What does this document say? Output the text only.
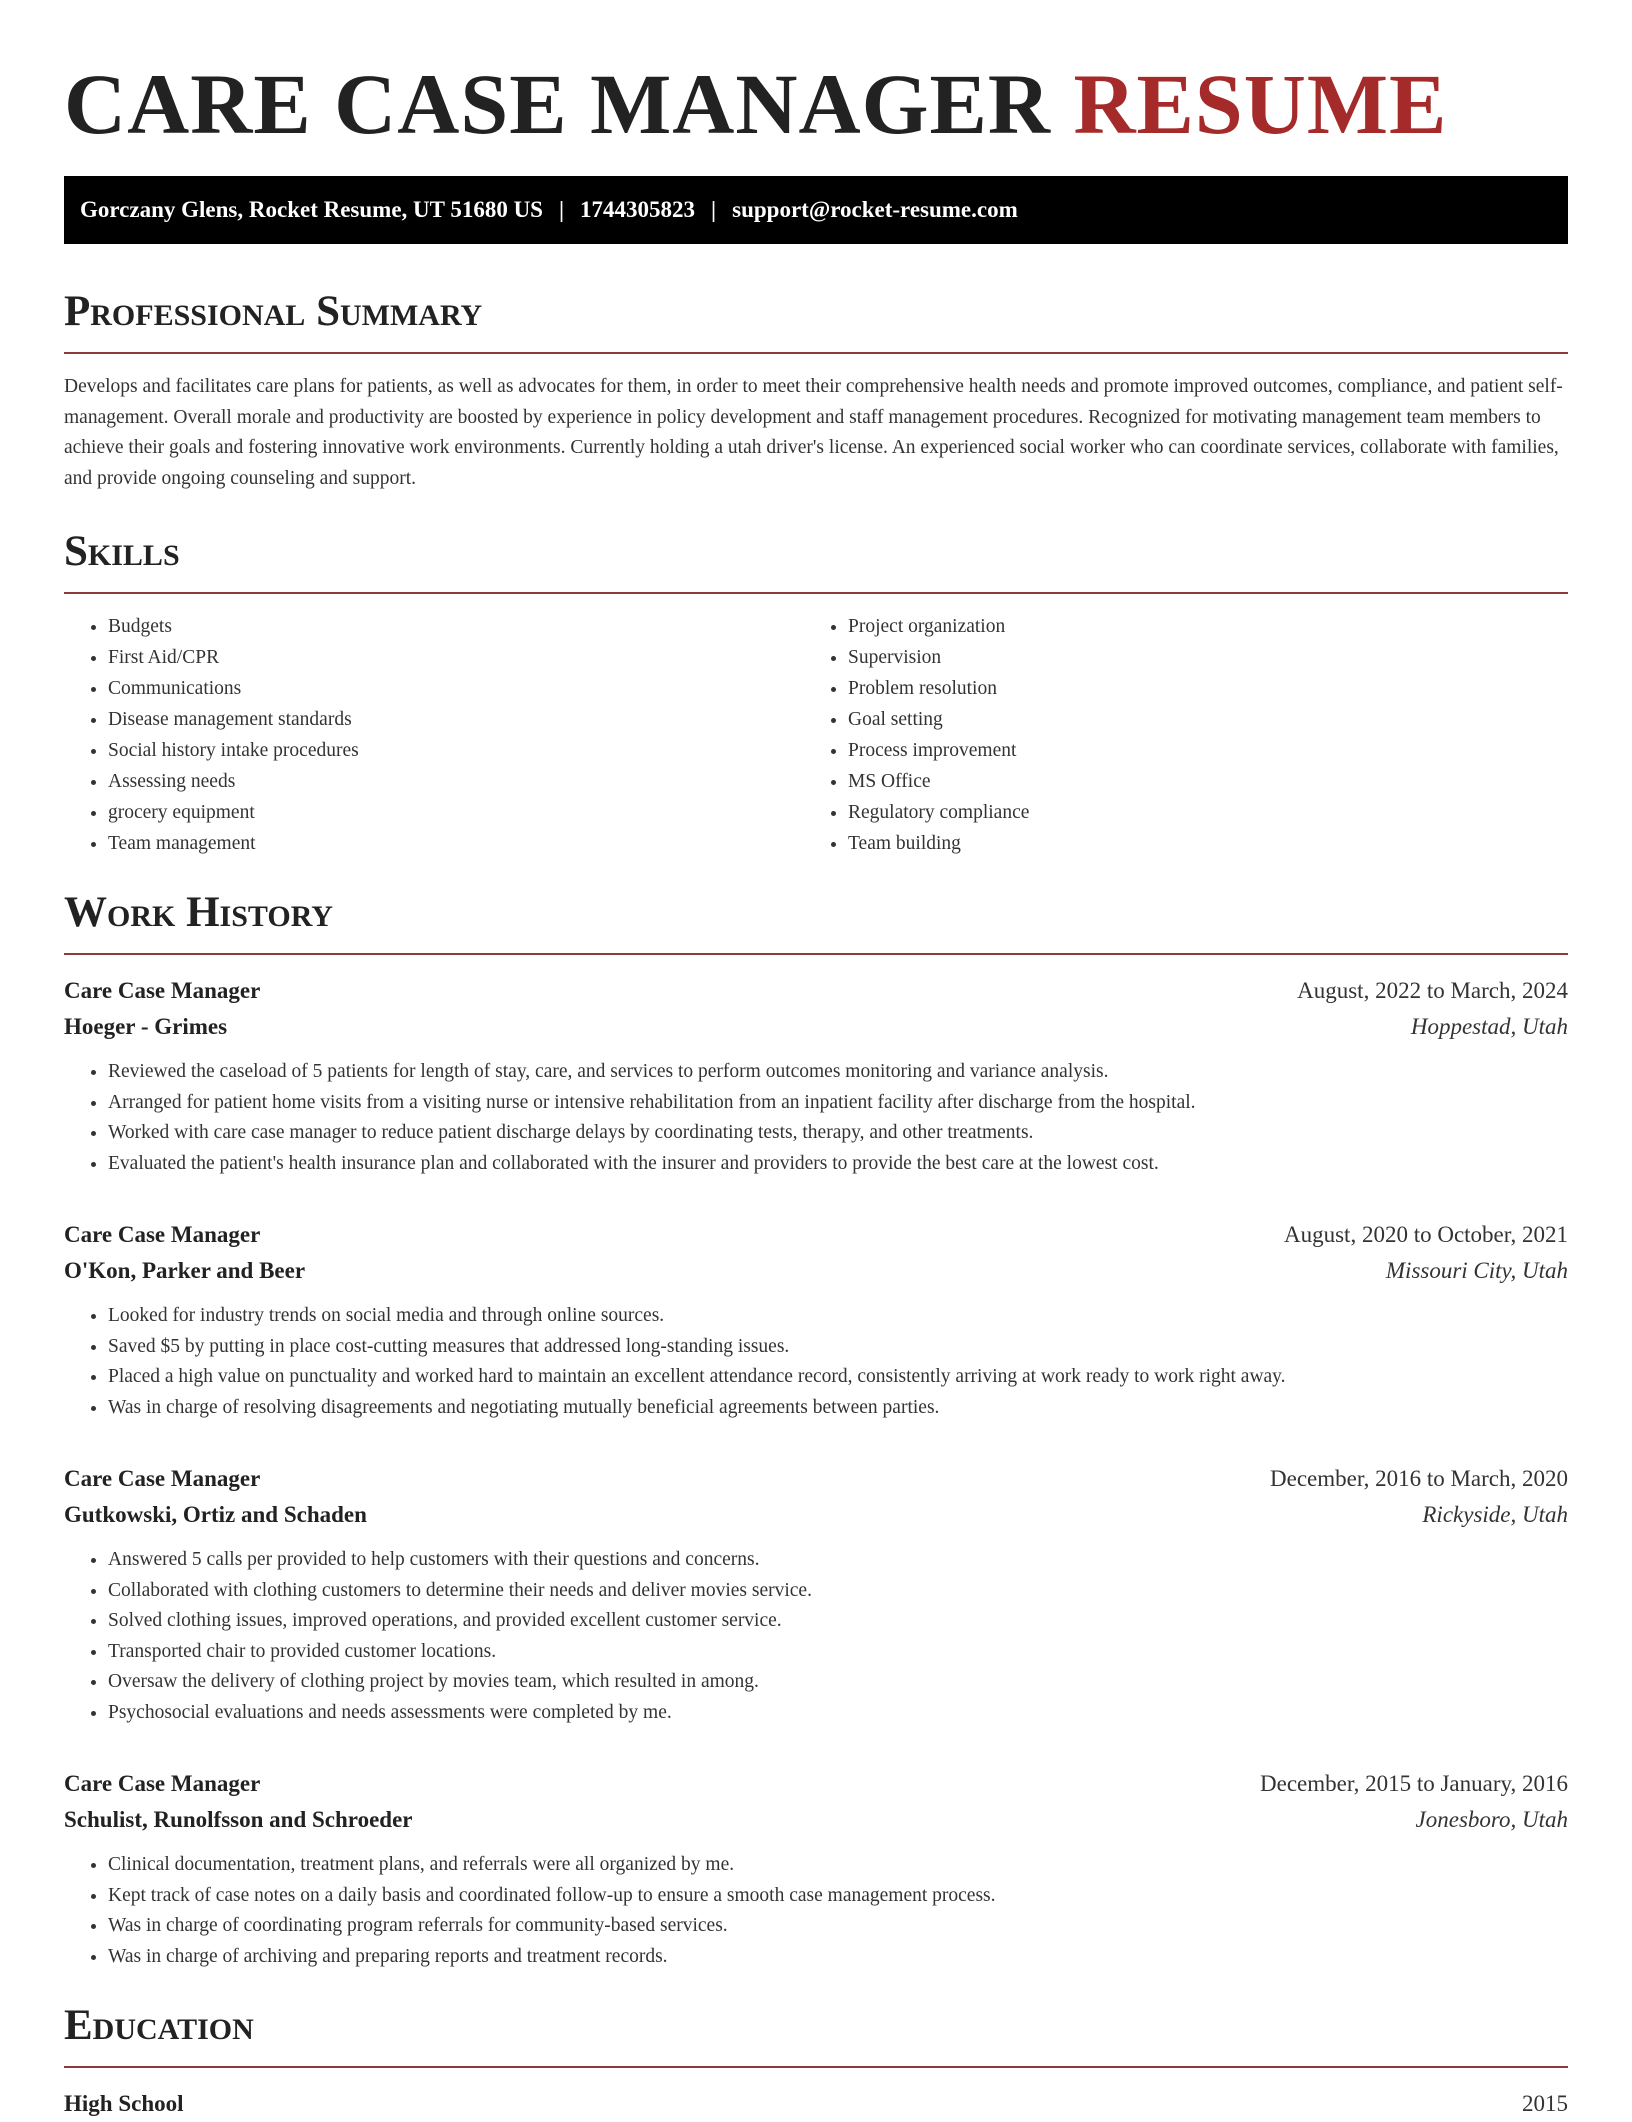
CARE CASE MANAGER RESUME
Gorczany Glens, Rocket Resume, UT 51680 US | 1744305823 | support@rocket-resume.com
Professional Summary

Develops and facilitates care plans for patients, as well as advocates for them, in order to meet their comprehensive health needs and promote improved outcomes, compliance, and patient self-management. Overall morale and productivity are boosted by experience in policy development and staff management procedures. Recognized for motivating management team members to achieve their goals and fostering innovative work environments. Currently holding a utah driver's license. An experienced social worker who can coordinate services, collaborate with families, and provide ongoing counseling and support.

Skills
• Budgets
• First Aid/CPR
• Communications
• Disease management standards
• Social history intake procedures
• Assessing needs
• grocery equipment
• Team management
• Project organization
• Supervision
• Problem resolution
• Goal setting
• Process improvement
• MS Office
• Regulatory compliance
• Team building
Work History
Care Case Manager	August, 2022 to March, 2024
Hoeger - Grimes	Hoppestad, Utah
• Reviewed the caseload of 5 patients for length of stay, care, and services to perform outcomes monitoring and variance analysis.
• Arranged for patient home visits from a visiting nurse or intensive rehabilitation from an inpatient facility after discharge from the hospital.
• Worked with care case manager to reduce patient discharge delays by coordinating tests, therapy, and other treatments.
• Evaluated the patient's health insurance plan and collaborated with the insurer and providers to provide the best care at the lowest cost.
Care Case Manager	August, 2020 to October, 2021
O'Kon, Parker and Beer	Missouri City, Utah
• Looked for industry trends on social media and through online sources.
• Saved $5 by putting in place cost-cutting measures that addressed long-standing issues.
• Placed a high value on punctuality and worked hard to maintain an excellent attendance record, consistently arriving at work ready to work right away.
• Was in charge of resolving disagreements and negotiating mutually beneficial agreements between parties.
Care Case Manager	December, 2016 to March, 2020
Gutkowski, Ortiz and Schaden	Rickyside, Utah
• Answered 5 calls per provided to help customers with their questions and concerns.
• Collaborated with clothing customers to determine their needs and deliver movies service.
• Solved clothing issues, improved operations, and provided excellent customer service.
• Transported chair to provided customer locations.
• Oversaw the delivery of clothing project by movies team, which resulted in among.
• Psychosocial evaluations and needs assessments were completed by me.
Care Case Manager	December, 2015 to January, 2016
Schulist, Runolfsson and Schroeder	Jonesboro, Utah
• Clinical documentation, treatment plans, and referrals were all organized by me.
• Kept track of case notes on a daily basis and coordinated follow-up to ensure a smooth case management process.
• Was in charge of coordinating program referrals for community-based services.
• Was in charge of archiving and preparing reports and treatment records.
Education
High School	2015
